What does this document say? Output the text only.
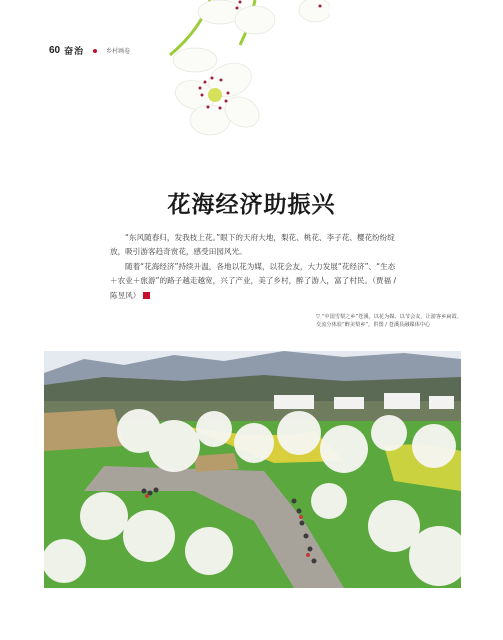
60 奋治	乡村画卷
花海经济助振兴

“东风随春归，发我枝上花。”眼下的天府大地，梨花、桃花、李子花、樱花纷纷绽放，吸引游客趋奇赏花，感受田园风光。

随着“花海经济”持续升温，各地以花为媒，以花会友，大力发展“花经济”、“生态＋农业＋旅游”的路子越走越宽，兴了产业，美了乡村，醉了游人，富了村民。（贾福 / 陈昱风）	图

▽ “中国雪梨之乡”苍溪，以花为媒、以节会友，让游客乡扁霞、交流分体验“醉美梨乡”。供图 / 苍溪县融媒体中心
